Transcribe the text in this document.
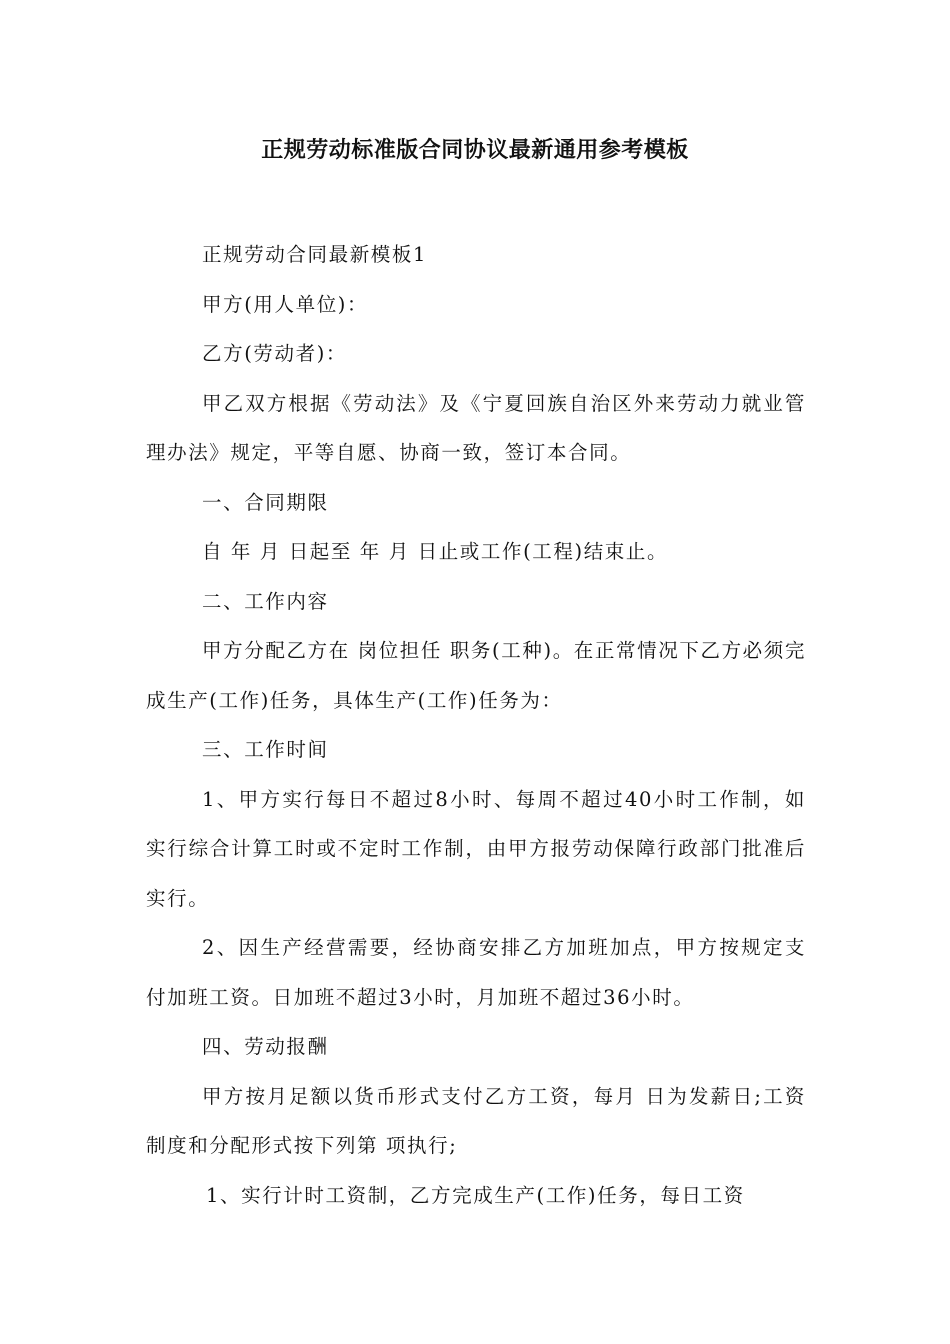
正规劳动标准版合同协议最新通用参考模板

正规劳动合同最新模板1

甲方(用人单位)：

乙方(劳动者)：

甲乙双方根据《劳动法》及《宁夏回族自治区外来劳动力就业管理办法》规定，平等自愿、协商一致，签订本合同。

一、合同期限

自 年 月 日起至 年 月 日止或工作(工程)结束止。

二、工作内容

甲方分配乙方在 岗位担任 职务(工种)。在正常情况下乙方必须完成生产(工作)任务，具体生产(工作)任务为：

三、工作时间

1、甲方实行每日不超过8小时、每周不超过40小时工作制，如实行综合计算工时或不定时工作制，由甲方报劳动保障行政部门批准后实行。

2、因生产经营需要，经协商安排乙方加班加点，甲方按规定支付加班工资。日加班不超过3小时，月加班不超过36小时。

四、劳动报酬

甲方按月足额以货币形式支付乙方工资，每月 日为发薪日;工资制度和分配形式按下列第 项执行;

1、实行计时工资制，乙方完成生产(工作)任务，每日工资
